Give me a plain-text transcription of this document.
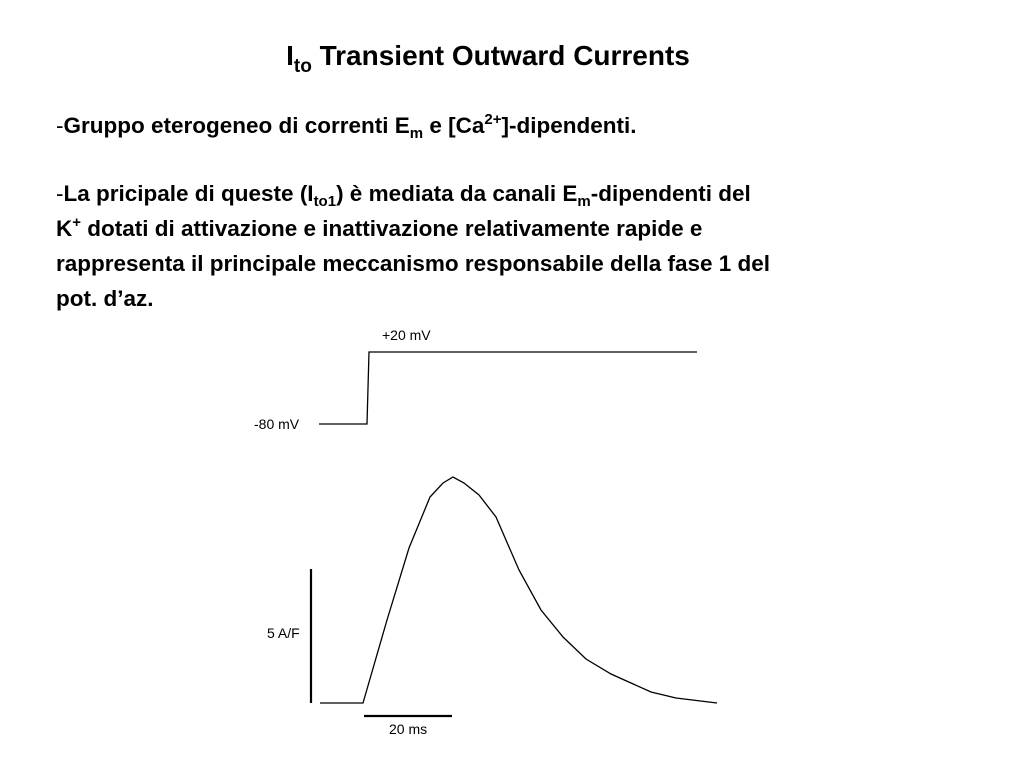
$I_{to}$ Transient Outward Currents
-Gruppo eterogeneo di correnti $E_m$ e $[Ca^{2+}]$-dipendenti.
-La pricipale di queste $(I_{to1})$ è mediata da canali $E_m$-dipendenti del
K+ dotati di attivazione e inattivazione relativamente rapide e
rappresenta il principale meccanismo responsabile della fase 1 del
pot. d’az.
-80 mV
+20 mV
5 A/F
20 ms
